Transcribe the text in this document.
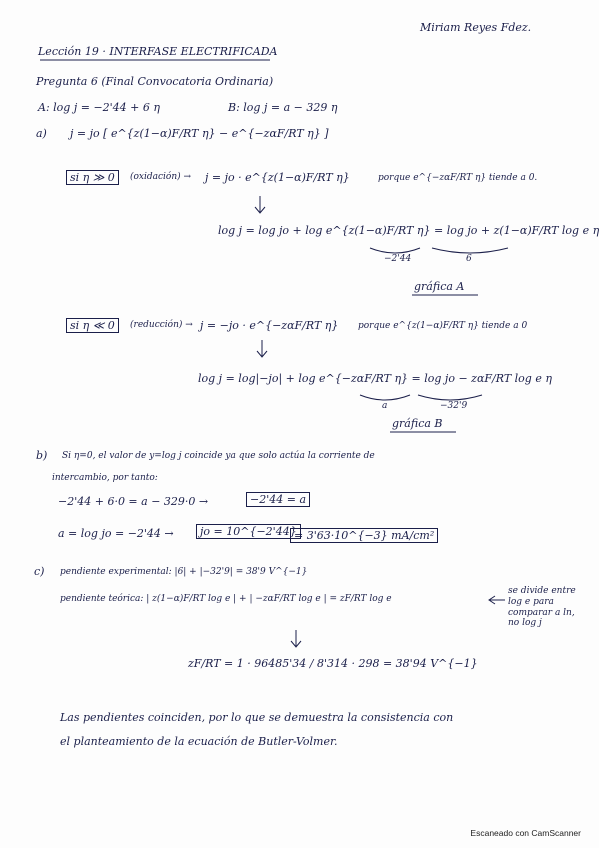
Miriam Reyes Fdez.
Lección 19 · INTERFASE ELECTRIFICADA
Pregunta 6 (Final Convocatoria Ordinaria)
A: log j = −2'44 + 6 η	B: log j = a − 329 η
a) j = jo [ e^{z(1−α)F/RT η} − e^{−zαF/RT η} ]
si η ≫ 0	(oxidación) → j = jo · e^{z(1−α)F/RT η}	porque e^{−zαF/RT η} tiende a 0.
log j = log jo + log e^{z(1−α)F/RT η} = log jo + z(1−α)F/RT log e η
−2'44	6
gráfica A
si η ≪ 0	(reducción) → j = −jo · e^{−zαF/RT η} porque e^{z(1−α)F/RT η} tiende a 0
log j = log|−jo| + log e^{−zαF/RT η} = log jo − zαF/RT log e η
a	−32'9
gráfica B
b) Si η=0, el valor de y=log j coincide ya que solo actúa la corriente de
intercambio, por tanto:
−2'44 + 6·0 = a − 329·0 →	−2'44 = a
a = log jo = −2'44 →	jo = 10^{−2'44}
= 3'63·10^{−3} mA/cm²
c) pendiente experimental: |6| + |−32'9| = 38'9 V^{−1}
pendiente teórica: | z(1−α)F/RT log e | + | −zαF/RT log e | = zF/RT log e
se divide entre log e para comparar a ln, no log j
zF/RT = 1 · 96485'34 / 8'314 · 298 = 38'94 V^{−1}
Las pendientes coinciden, por lo que se demuestra la consistencia con
el planteamiento de la ecuación de Butler-Volmer.
Escaneado con CamScanner
